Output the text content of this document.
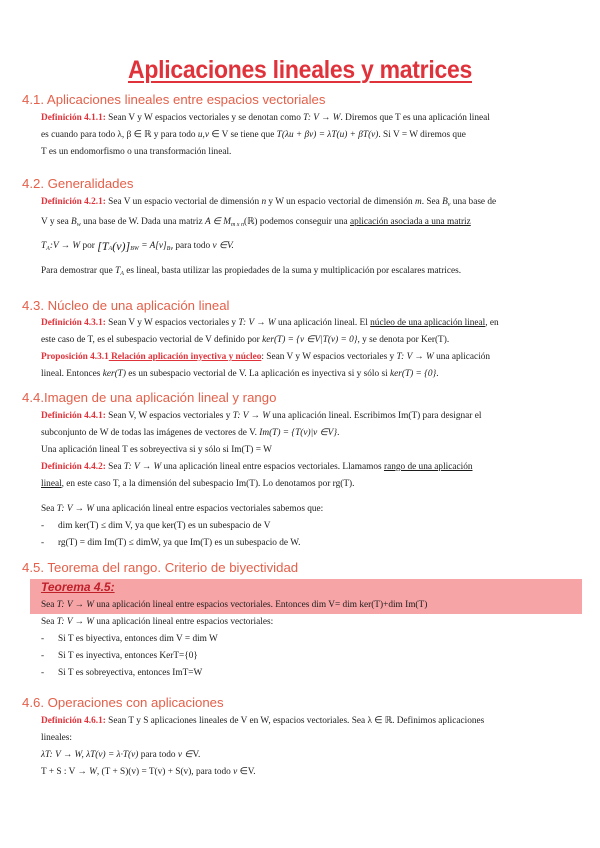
Aplicaciones lineales y matrices
4.1. Aplicaciones lineales entre espacios vectoriales
Definición 4.1.1: Sean V y W espacios vectoriales y se denotan como T: V → W. Diremos que T es una aplicación lineal
es cuando para todo λ, β ∈ ℝ y para todo u,v ∈ V se tiene que T(λu + βv) = λT(u) + βT(v). Si V = W diremos que
T es un endomorfismo o una transformación lineal.
4.2. Generalidades
Definición 4.2.1: Sea V un espacio vectorial de dimensión n y W un espacio vectorial de dimensión m. Sea $B_v$ una base de
V y sea $B_w$ una base de W. Dada una matriz A ∈ $M_{m x n}(ℝ)$ podemos conseguir una aplicación asociada a una matriz
$T_A:V \to W$ por $[T_A(v)]_{BW} = A[v]_{Bv}$ para todo v ∈V.
Para demostrar que $T_A$ es lineal, basta utilizar las propiedades de la suma y multiplicación por escalares matrices.
4.3. Núcleo de una aplicación lineal
Definición 4.3.1: Sean V y W espacios vectoriales y T: V → W una aplicación lineal. El núcleo de una aplicación lineal, en
este caso de T, es el subespacio vectorial de V definido por ker(T) = {v ∈V|T(v) = 0}, y se denota por Ker(T).
Proposición 4.3.1 Relación aplicación inyectiva y núcleo: Sean V y W espacios vectoriales y T: V → W una aplicación
lineal. Entonces ker(T) es un subespacio vectorial de V. La aplicación es inyectiva si y sólo si ker(T) = {0}.
4.4.Imagen de una aplicación lineal y rango
Definición 4.4.1: Sean V, W espacios vectoriales y T: V → W una aplicación lineal. Escribimos Im(T) para designar el
subconjunto de W de todas las imágenes de vectores de V. Im(T) = {T(v)|v ∈V}.
Una aplicación lineal T es sobreyectiva si y sólo si Im(T) = W
Definición 4.4.2: Sea T: V → W una aplicación lineal entre espacios vectoriales. Llamamos rango de una aplicación
lineal, en este caso T, a la dimensión del subespacio Im(T). Lo denotamos por rg(T).
Sea T: V → W una aplicación lineal entre espacios vectoriales sabemos que:
- dim ker(T) ≤ dim V, ya que ker(T) es un subespacio de V
- rg(T) = dim Im(T) ≤ dimW, ya que Im(T) es un subespacio de W.
4.5. Teorema del rango. Criterio de biyectividad
Teorema 4.5:
Sea T: V → W una aplicación lineal entre espacios vectoriales. Entonces dim V= dim ker(T)+dim Im(T)
Sea T: V → W una aplicación lineal entre espacios vectoriales:
- Si T es biyectiva, entonces dim V = dim W
- Si T es inyectiva, entonces KerT={0}
- Si T es sobreyectiva, entonces ImT=W
4.6. Operaciones con aplicaciones
Definición 4.6.1: Sean T y S aplicaciones lineales de V en W, espacios vectoriales. Sea λ ∈ ℝ. Definimos aplicaciones
lineales:
λT: V → W, λT(v) = λ·T(v) para todo v ∈V.
T + S : V → W, (T + S)(v) = T(v) + S(v), para todo v ∈V.
